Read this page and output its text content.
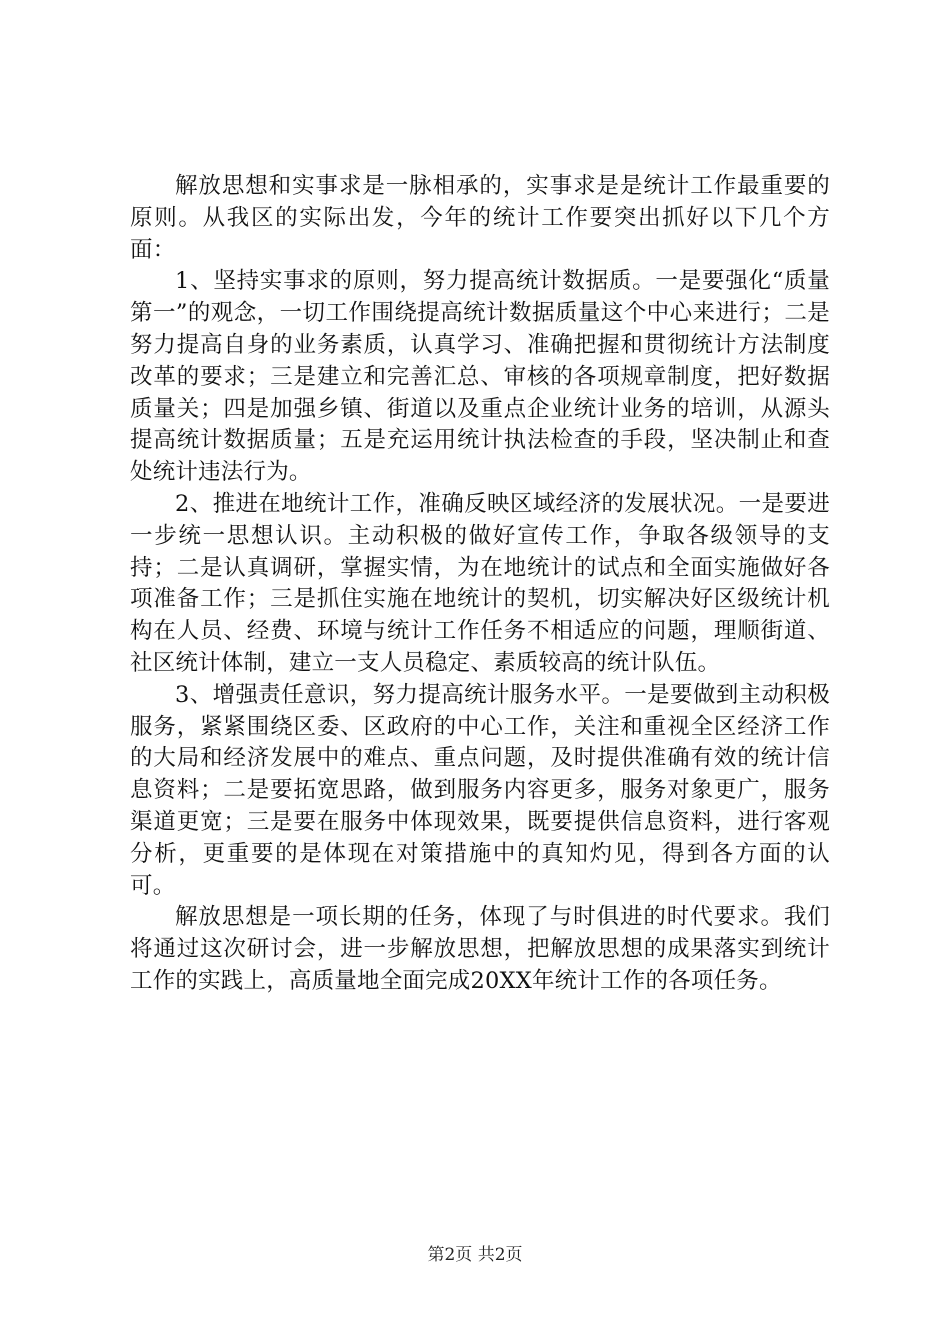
解放思想和实事求是一脉相承的，实事求是是统计工作最重要的原则。从我区的实际出发，今年的统计工作要突出抓好以下几个方面：

1、坚持实事求的原则，努力提高统计数据质。一是要强化“质量第一”的观念，一切工作围绕提高统计数据质量这个中心来进行；二是努力提高自身的业务素质，认真学习、准确把握和贯彻统计方法制度改革的要求；三是建立和完善汇总、审核的各项规章制度，把好数据质量关；四是加强乡镇、街道以及重点企业统计业务的培训，从源头提高统计数据质量；五是充运用统计执法检查的手段，坚决制止和查处统计违法行为。

2、推进在地统计工作，准确反映区域经济的发展状况。一是要进一步统一思想认识。主动积极的做好宣传工作，争取各级领导的支持；二是认真调研，掌握实情，为在地统计的试点和全面实施做好各项准备工作；三是抓住实施在地统计的契机，切实解决好区级统计机构在人员、经费、环境与统计工作任务不相适应的问题，理顺街道、社区统计体制，建立一支人员稳定、素质较高的统计队伍。

3、增强责任意识，努力提高统计服务水平。一是要做到主动积极服务，紧紧围绕区委、区政府的中心工作，关注和重视全区经济工作的大局和经济发展中的难点、重点问题，及时提供准确有效的统计信息资料；二是要拓宽思路，做到服务内容更多，服务对象更广，服务渠道更宽；三是要在服务中体现效果，既要提供信息资料，进行客观分析，更重要的是体现在对策措施中的真知灼见，得到各方面的认可。

解放思想是一项长期的任务，体现了与时俱进的时代要求。我们将通过这次研讨会，进一步解放思想，把解放思想的成果落实到统计工作的实践上，高质量地全面完成20XX年统计工作的各项任务。

第2页 共2页
